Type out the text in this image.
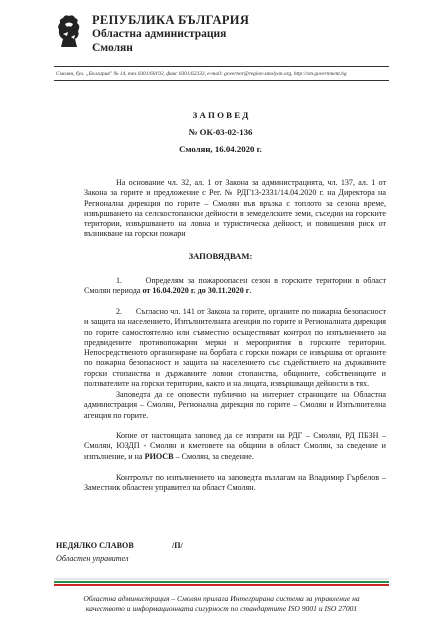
РЕПУБЛИКА БЪЛГАРИЯ
Областна администрация
Смолян
Смолян, бул. „България" № 14, тел.0301/60192, факс 0301/62333, e-mail: governor@region-smolyan.org, http://sm.government.bg
З А П О В Е Д
№ ОК-03-02-136
Смолян, 16.04.2020 г.
На основание чл. 32, ал. 1 от Закона за администрацията, чл. 137, ал. 1 от Закона за горите и предложение с Рег. № РДГ13-2331/14.04.2020 г. на Директора на Регионална дирекция по горите – Смолян във връзка с топлото за сезона време, извършването на селскостопански дейности в земеделските земи, съседни на горските територии, извършването на ловна и туристическа дейност, и повишения риск от възникване на горски пожари
ЗАПОВЯДВАМ:
1.	Определям за пожароопасен сезон в горските територии в област Смолян периода от 16.04.2020 г. до 30.11.2020 г.
2. Съгласно чл. 141 от Закона за горите, органите по пожарна безопасност и защита на населението, Изпълнителната агенция по горите и Регионалната дирекция по горите самостоятелно или съвместно осъществяват контрол по изпълнението на предвидените противопожарни мерки и мероприятия в горските територии. Непосредственото организиране на борбата с горски пожари се извършва от органите по пожарна безопасност и защита на населението със съдействието на държавните горски стопанства и държавните ловни стопанства, общините, собствениците и ползвателите на горски територии, както и на лицата, извършващи дейности в тях.
Заповедта да се оповести публично на интернет страниците на Областна администрация – Смолян, Регионална дирекция по горите – Смолян и Изпълнителна агенция по горите.
Копие от настоящата заповед да се изпрати на РДГ – Смолян, РД ПБЗН – Смолян, ЮЗДП - Смолян и кметовете на общини в област Смолян, за сведение и изпълнение, и на РИОСВ – Смолян, за сведение.
Контролът по изпълнението на заповедта възлагам на Владимир Гърбелов – Заместник областен управител на област Смолян.
НЕДЯЛКО СЛАВОВ	/П/
Областен управител
Областна администрация – Смолян прилага Интегрирана система за управление на
качеството и информационната сигурност по стандартите ISO 9001 и ISO 27001
